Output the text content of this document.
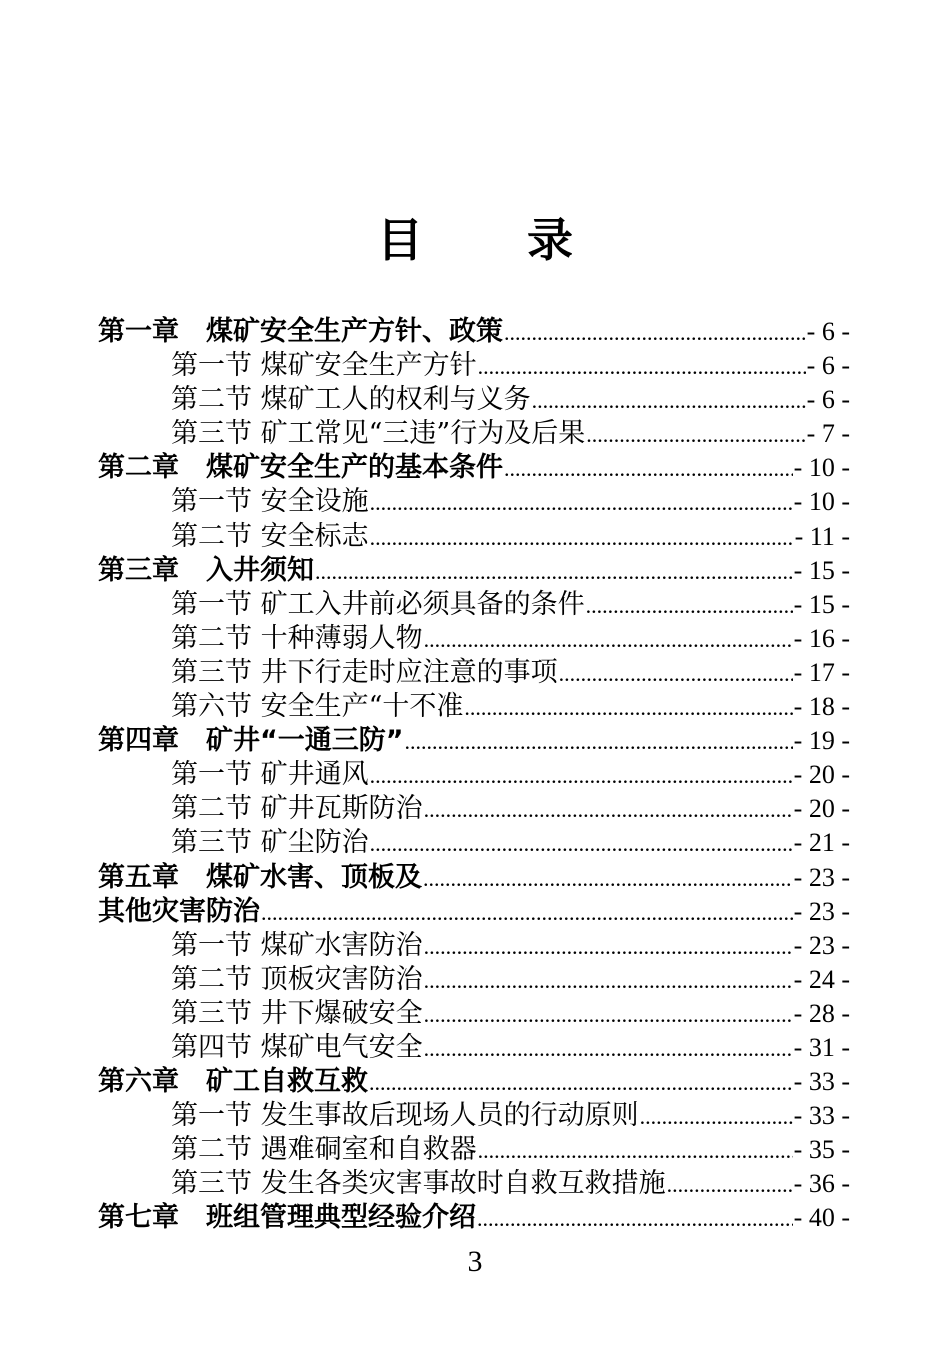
目 录
第一章　煤矿安全生产方针、政策 .....	- 6 -
第一节 煤矿安全生产方针 .....	- 6 -
第二节 煤矿工人的权利与义务 .....	- 6 -
第三节 矿工常见“三违”行为及后果 .....	- 7 -
第二章　煤矿安全生产的基本条件 .....	- 10 -
第一节 安全设施 .....	- 10 -
第二节 安全标志 .....	- 11 -
第三章　入井须知 .....	- 15 -
第一节 矿工入井前必须具备的条件 .....	- 15 -
第二节 十种薄弱人物 .....	- 16 -
第三节 井下行走时应注意的事项 .....	- 17 -
第六节 安全生产“十不准 .....	- 18 -
第四章　矿井“一通三防” .....	- 19 -
第一节 矿井通风 .....	- 20 -
第二节 矿井瓦斯防治 .....	- 20 -
第三节 矿尘防治 .....	- 21 -
第五章　煤矿水害、顶板及 .....	- 23 -
其他灾害防治 .....	- 23 -
第一节 煤矿水害防治 .....	- 23 -
第二节 顶板灾害防治 .....	- 24 -
第三节 井下爆破安全 .....	- 28 -
第四节 煤矿电气安全 .....	- 31 -
第六章　矿工自救互救 .....	- 33 -
第一节 发生事故后现场人员的行动原则 .....	- 33 -
第二节 遇难硐室和自救器 .....	- 35 -
第三节 发生各类灾害事故时自救互救措施 .....	- 36 -
第七章　班组管理典型经验介绍 .....	- 40 -
3
